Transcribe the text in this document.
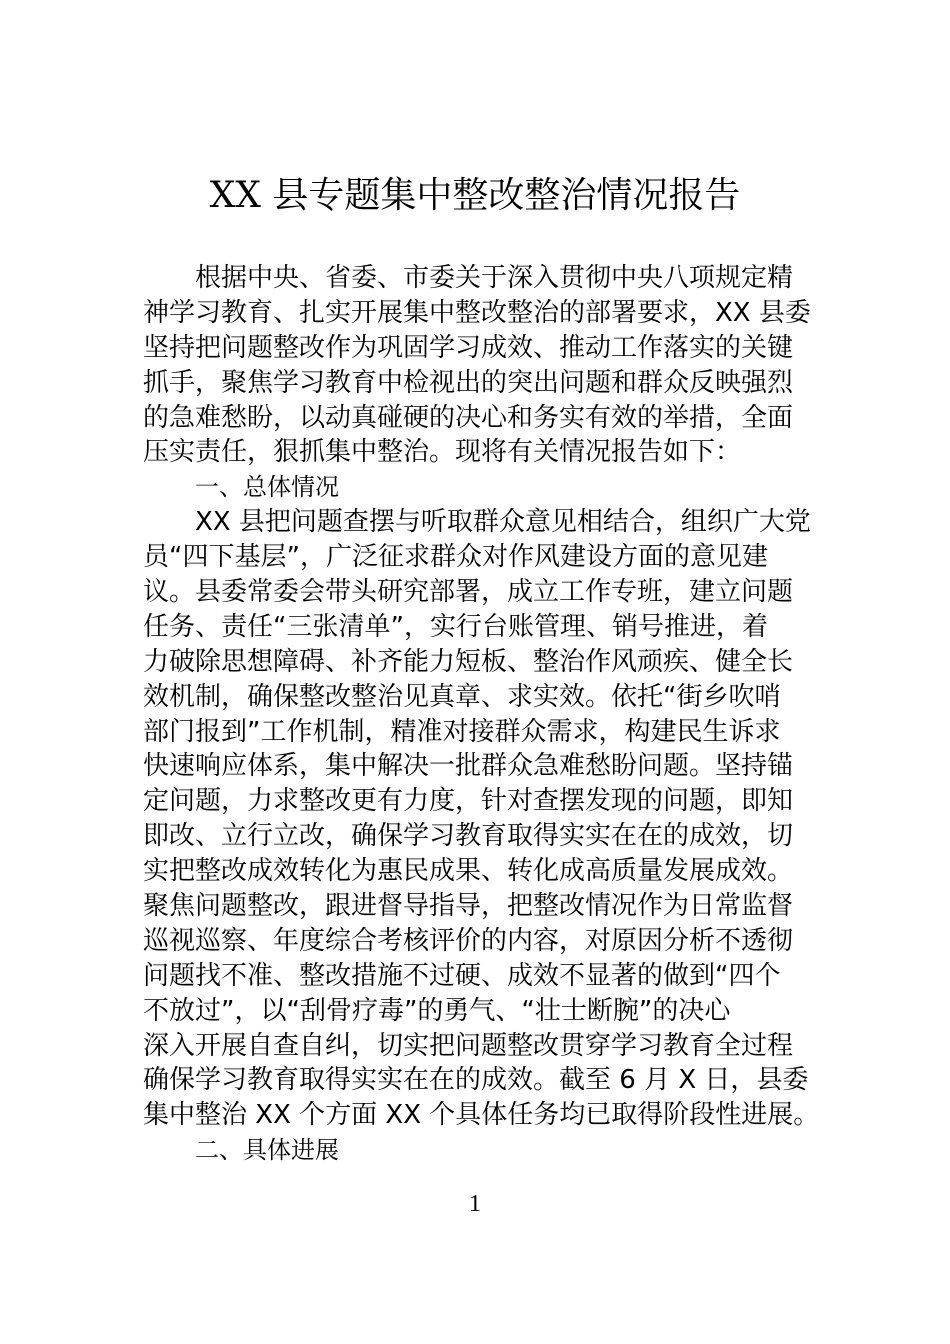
XX 县专题集中整改整治情况报告
根据中央、省委、市委关于深入贯彻中央八项规定精
神学习教育、扎实开展集中整改整治的部署要求，XX 县委
坚持把问题整改作为巩固学习成效、推动工作落实的关键
抓手，聚焦学习教育中检视出的突出问题和群众反映强烈
的急难愁盼，以动真碰硬的决心和务实有效的举措，全面
压实责任，狠抓集中整治。现将有关情况报告如下：
一、总体情况
XX 县把问题查摆与听取群众意见相结合，组织广大党
员“四下基层”，广泛征求群众对作风建设方面的意见建
议。县委常委会带头研究部署，成立工作专班，建立问题
任务、责任“三张清单”，实行台账管理、销号推进，着
力破除思想障碍、补齐能力短板、整治作风顽疾、健全长
效机制，确保整改整治见真章、求实效。依托“街乡吹哨
部门报到”工作机制，精准对接群众需求，构建民生诉求
快速响应体系，集中解决一批群众急难愁盼问题。坚持锚
定问题，力求整改更有力度，针对查摆发现的问题，即知
即改、立行立改，确保学习教育取得实实在在的成效，切
实把整改成效转化为惠民成果、转化成高质量发展成效。
聚焦问题整改，跟进督导指导，把整改情况作为日常监督
巡视巡察、年度综合考核评价的内容，对原因分析不透彻
问题找不准、整改措施不过硬、成效不显著的做到“四个
不放过”，以“刮骨疗毒”的勇气、“壮士断腕”的决心
深入开展自查自纠，切实把问题整改贯穿学习教育全过程
确保学习教育取得实实在在的成效。截至 6 月 X 日，县委
集中整治 XX 个方面 XX 个具体任务均已取得阶段性进展。
二、具体进展
1
